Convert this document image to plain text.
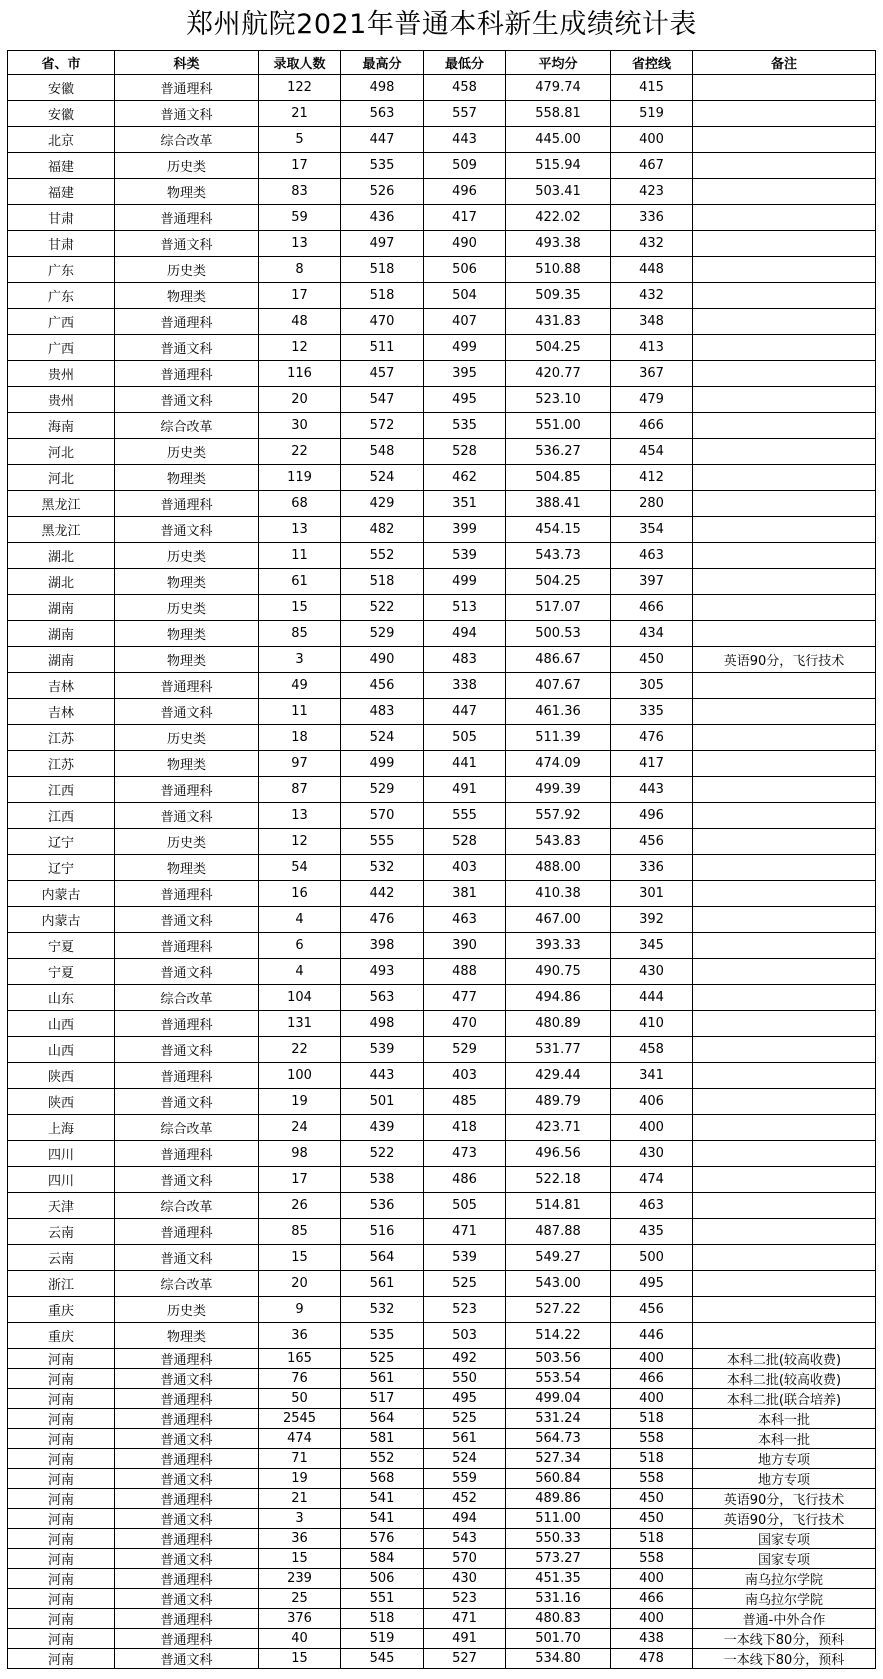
郑州航院2021年普通本科新生成绩统计表
省、市	科类	录取人数	最高分	最低分	平均分	省控线	备注
安徽	普通理科	122	498	458	479.74	415	
安徽	普通文科	21	563	557	558.81	519	
北京	综合改革	5	447	443	445.00	400	
福建	历史类	17	535	509	515.94	467	
福建	物理类	83	526	496	503.41	423	
甘肃	普通理科	59	436	417	422.02	336	
甘肃	普通文科	13	497	490	493.38	432	
广东	历史类	8	518	506	510.88	448	
广东	物理类	17	518	504	509.35	432	
广西	普通理科	48	470	407	431.83	348	
广西	普通文科	12	511	499	504.25	413	
贵州	普通理科	116	457	395	420.77	367	
贵州	普通文科	20	547	495	523.10	479	
海南	综合改革	30	572	535	551.00	466	
河北	历史类	22	548	528	536.27	454	
河北	物理类	119	524	462	504.85	412	
黑龙江	普通理科	68	429	351	388.41	280	
黑龙江	普通文科	13	482	399	454.15	354	
湖北	历史类	11	552	539	543.73	463	
湖北	物理类	61	518	499	504.25	397	
湖南	历史类	15	522	513	517.07	466	
湖南	物理类	85	529	494	500.53	434	
湖南	物理类	3	490	483	486.67	450	英语90分，飞行技术
吉林	普通理科	49	456	338	407.67	305	
吉林	普通文科	11	483	447	461.36	335	
江苏	历史类	18	524	505	511.39	476	
江苏	物理类	97	499	441	474.09	417	
江西	普通理科	87	529	491	499.39	443	
江西	普通文科	13	570	555	557.92	496	
辽宁	历史类	12	555	528	543.83	456	
辽宁	物理类	54	532	403	488.00	336	
内蒙古	普通理科	16	442	381	410.38	301	
内蒙古	普通文科	4	476	463	467.00	392	
宁夏	普通理科	6	398	390	393.33	345	
宁夏	普通文科	4	493	488	490.75	430	
山东	综合改革	104	563	477	494.86	444	
山西	普通理科	131	498	470	480.89	410	
山西	普通文科	22	539	529	531.77	458	
陕西	普通理科	100	443	403	429.44	341	
陕西	普通文科	19	501	485	489.79	406	
上海	综合改革	24	439	418	423.71	400	
四川	普通理科	98	522	473	496.56	430	
四川	普通文科	17	538	486	522.18	474	
天津	综合改革	26	536	505	514.81	463	
云南	普通理科	85	516	471	487.88	435	
云南	普通文科	15	564	539	549.27	500	
浙江	综合改革	20	561	525	543.00	495	
重庆	历史类	9	532	523	527.22	456	
重庆	物理类	36	535	503	514.22	446	
河南	普通理科	165	525	492	503.56	400	本科二批(较高收费)
河南	普通文科	76	561	550	553.54	466	本科二批(较高收费)
河南	普通理科	50	517	495	499.04	400	本科二批(联合培养)
河南	普通理科	2545	564	525	531.24	518	本科一批
河南	普通文科	474	581	561	564.73	558	本科一批
河南	普通理科	71	552	524	527.34	518	地方专项
河南	普通文科	19	568	559	560.84	558	地方专项
河南	普通理科	21	541	452	489.86	450	英语90分，飞行技术
河南	普通文科	3	541	494	511.00	450	英语90分，飞行技术
河南	普通理科	36	576	543	550.33	518	国家专项
河南	普通文科	15	584	570	573.27	558	国家专项
河南	普通理科	239	506	430	451.35	400	南乌拉尔学院
河南	普通文科	25	551	523	531.16	466	南乌拉尔学院
河南	普通理科	376	518	471	480.83	400	普通-中外合作
河南	普通理科	40	519	491	501.70	438	一本线下80分，预科
河南	普通文科	15	545	527	534.80	478	一本线下80分，预科
